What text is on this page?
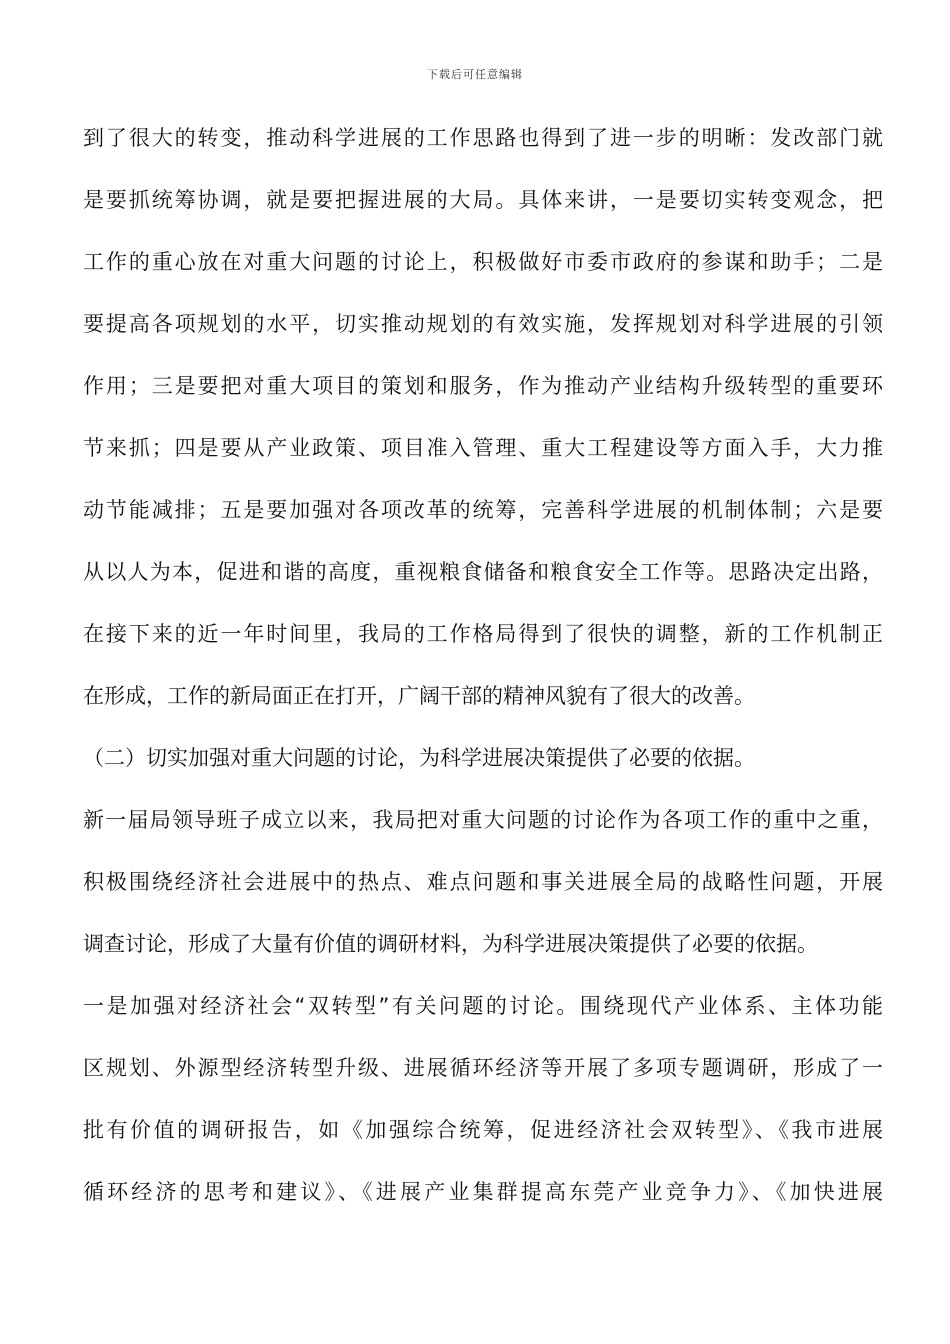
下载后可任意编辑
到了很大的转变，推动科学进展的工作思路也得到了进一步的明晰：发改部门就
是要抓统筹协调，就是要把握进展的大局。具体来讲，一是要切实转变观念，把
工作的重心放在对重大问题的讨论上，积极做好市委市政府的参谋和助手；二是
要提高各项规划的水平，切实推动规划的有效实施，发挥规划对科学进展的引领
作用；三是要把对重大项目的策划和服务，作为推动产业结构升级转型的重要环
节来抓；四是要从产业政策、项目准入管理、重大工程建设等方面入手，大力推
动节能减排；五是要加强对各项改革的统筹，完善科学进展的机制体制；六是要
从以人为本，促进和谐的高度，重视粮食储备和粮食安全工作等。思路决定出路，
在接下来的近一年时间里，我局的工作格局得到了很快的调整，新的工作机制正
在形成，工作的新局面正在打开，广阔干部的精神风貌有了很大的改善。
（二）切实加强对重大问题的讨论，为科学进展决策提供了必要的依据。
新一届局领导班子成立以来，我局把对重大问题的讨论作为各项工作的重中之重，
积极围绕经济社会进展中的热点、难点问题和事关进展全局的战略性问题，开展
调查讨论，形成了大量有价值的调研材料，为科学进展决策提供了必要的依据。
一是加强对经济社会“双转型”有关问题的讨论。围绕现代产业体系、主体功能
区规划、外源型经济转型升级、进展循环经济等开展了多项专题调研，形成了一
批有价值的调研报告，如《加强综合统筹，促进经济社会双转型》、《我市进展
循环经济的思考和建议》、《进展产业集群提高东莞产业竞争力》、《加快进展
